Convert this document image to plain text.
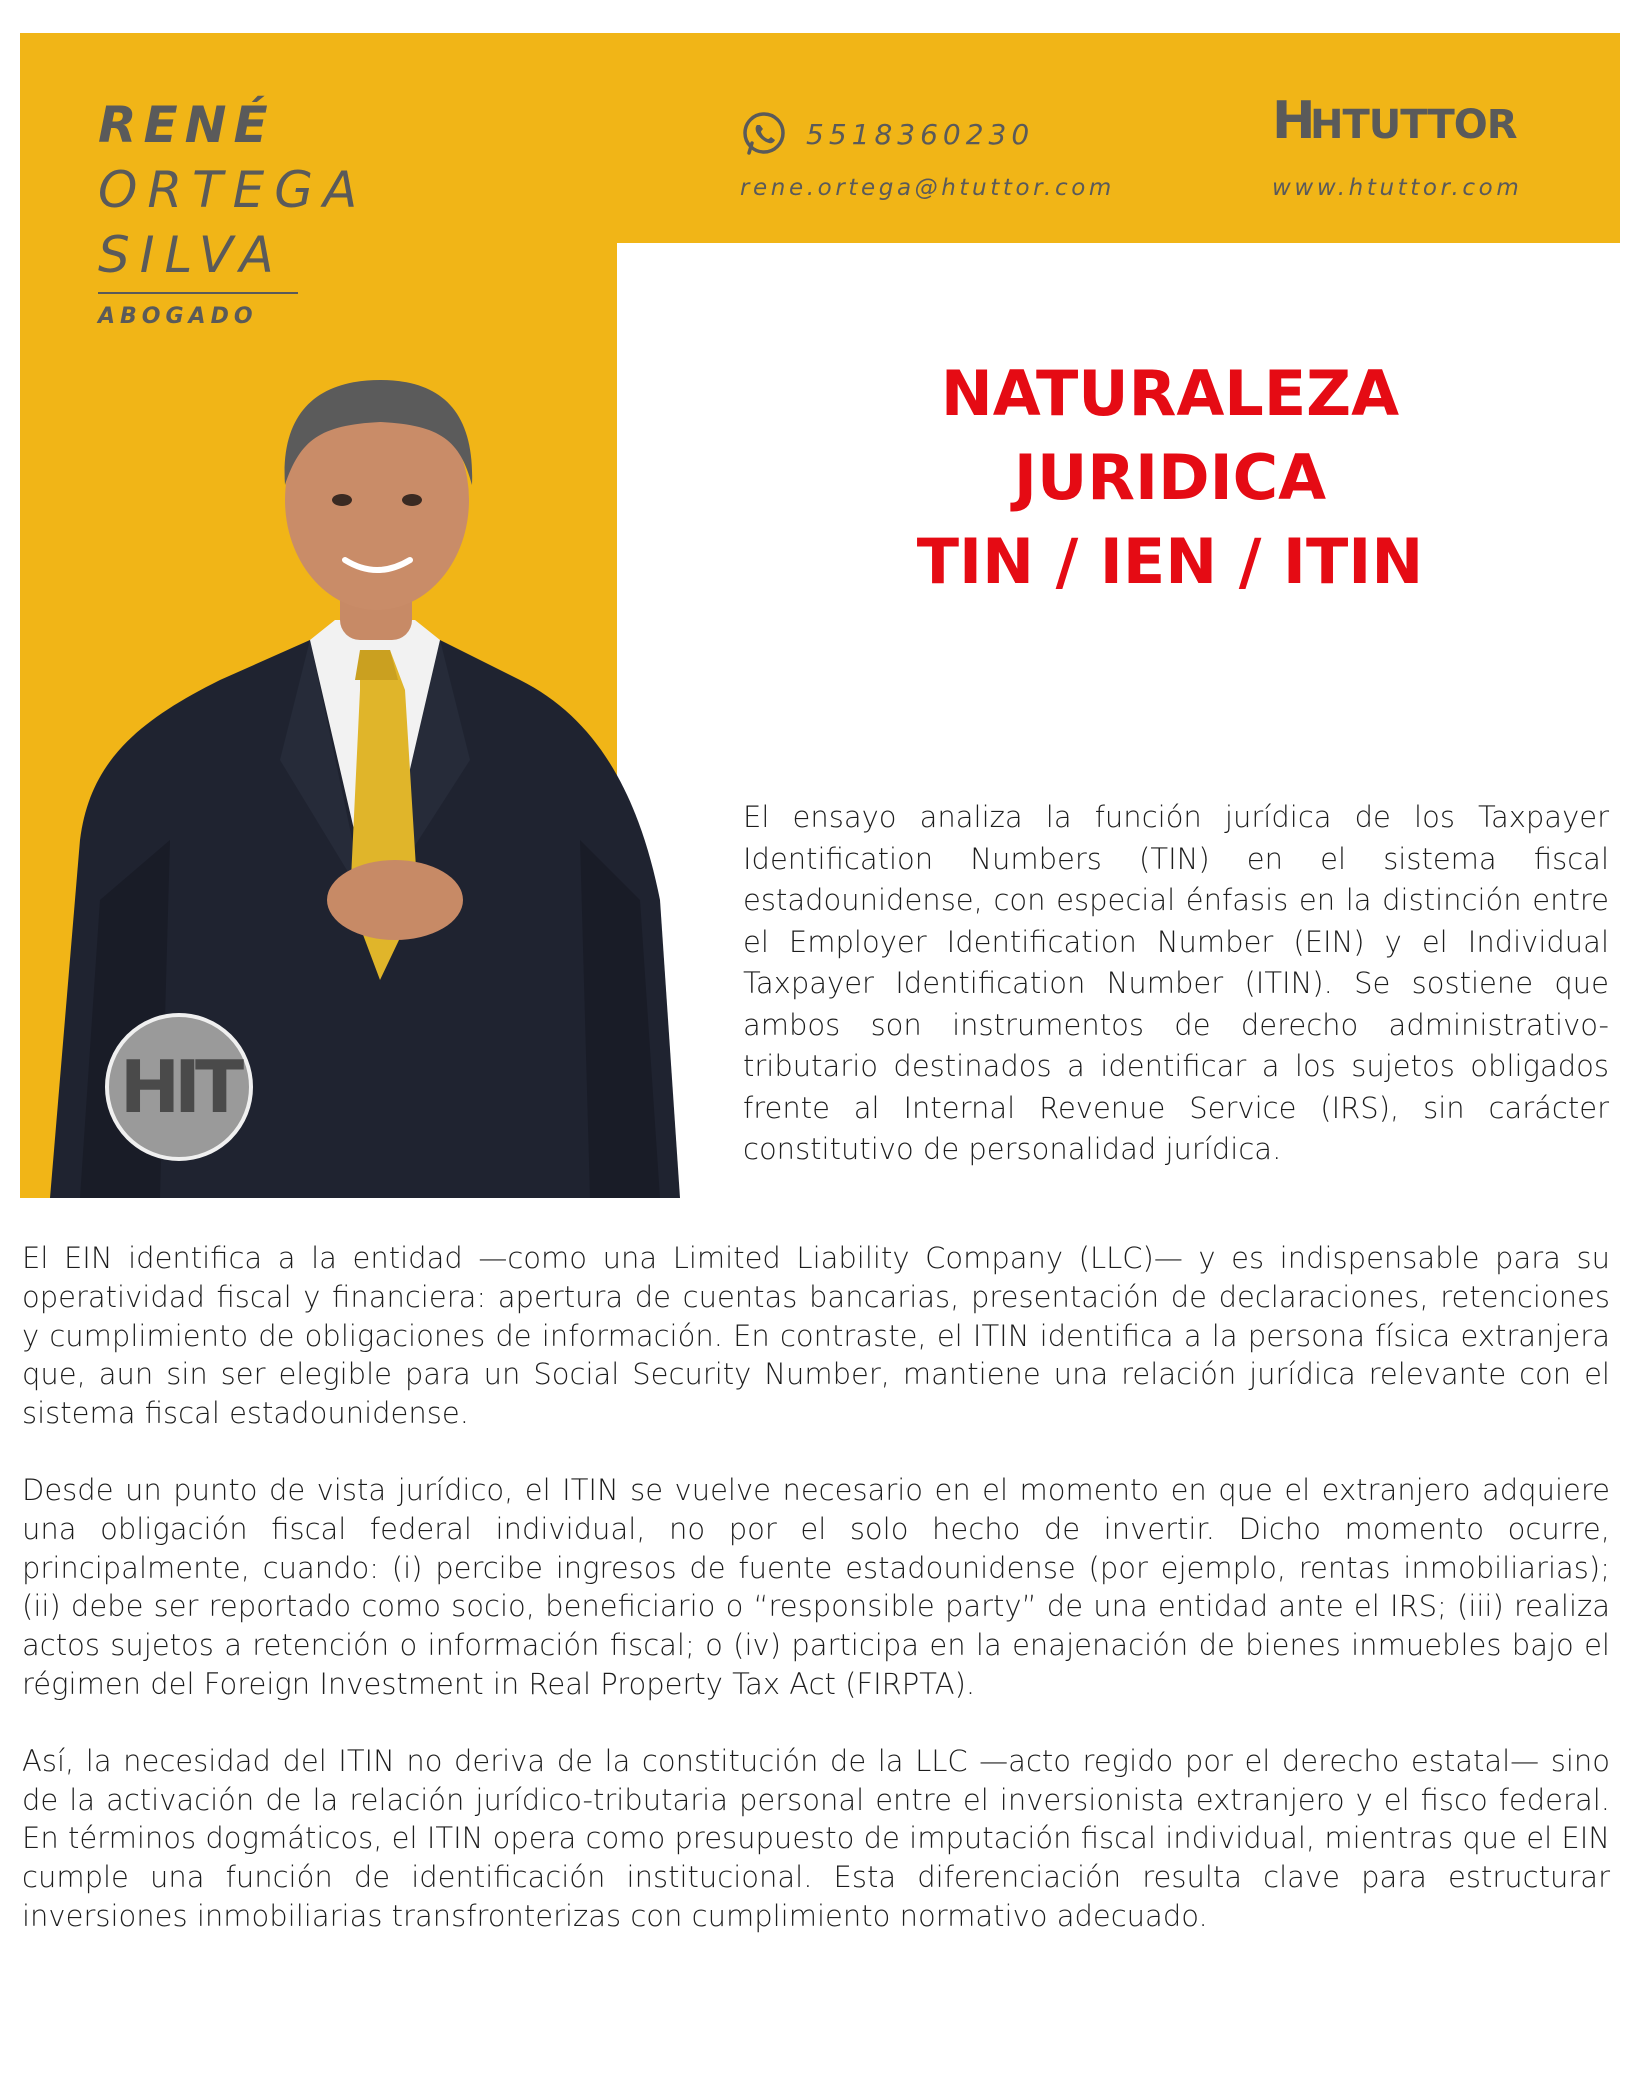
RENÉ
ORTEGA
SILVA
ABOGADO
5518360230
rene.ortega@htuttor.com
H
HTUTTOR
www.htuttor.com
HIT
NATURALEZA
JURIDICA
TIN / IEN / ITIN
El ensayo analiza la función jurídica de los Taxpayer Identification Numbers (TIN) en el sistema fiscal estadounidense, con especial énfasis en la distinción entre el Employer Identification Number (EIN) y el Individual Taxpayer Identification Number (ITIN). Se sostiene que ambos son instrumentos de derecho administrativo-tributario destinados a identificar a los sujetos obligados frente al Internal Revenue Service (IRS), sin carácter constitutivo de personalidad jurídica.

El EIN identifica a la entidad —como una Limited Liability Company (LLC)— y es indispensable para su operatividad fiscal y financiera: apertura de cuentas bancarias, presentación de declaraciones, retenciones y cumplimiento de obligaciones de información. En contraste, el ITIN identifica a la persona física extranjera que, aun sin ser elegible para un Social Security Number, mantiene una relación jurídica relevante con el sistema fiscal estadounidense.

Desde un punto de vista jurídico, el ITIN se vuelve necesario en el momento en que el extranjero adquiere una obligación fiscal federal individual, no por el solo hecho de invertir. Dicho momento ocurre, principalmente, cuando: (i) percibe ingresos de fuente estadounidense (por ejemplo, rentas inmobiliarias); (ii) debe ser reportado como socio, beneficiario o “responsible party” de una entidad ante el IRS; (iii) realiza actos sujetos a retención o información fiscal; o (iv) participa en la enajenación de bienes inmuebles bajo el régimen del Foreign Investment in Real Property Tax Act (FIRPTA).

Así, la necesidad del ITIN no deriva de la constitución de la LLC —acto regido por el derecho estatal— sino de la activación de la relación jurídico-tributaria personal entre el inversionista extranjero y el fisco federal. En términos dogmáticos, el ITIN opera como presupuesto de imputación fiscal individual, mientras que el EIN cumple una función de identificación institucional. Esta diferenciación resulta clave para estructurar inversiones inmobiliarias transfronterizas con cumplimiento normativo adecuado.
